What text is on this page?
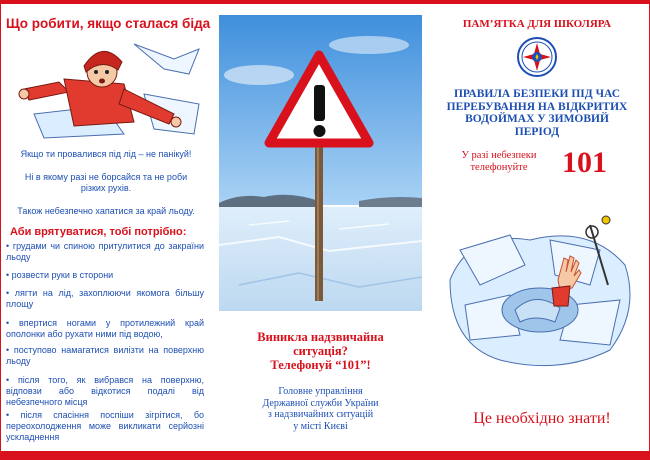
Що робити, якщо сталася біда
Якщо ти провалився під лід – не панікуй!
Ні в якому разі не борсайся та не роби різких рухів.
Також небезпечно хапатися за край льоду.
Аби врятуватися, тобі потрібно:
• грудами чи спиною притулитися до закраїни льоду
• розвести руки в сторони
• лягти на лід, захоплюючи якомога більшу площу
• впертися ногами у протилежний край ополонки або рухати ними під водою,
• поступово намагатися вилізти на поверхню льоду
• після того, як вибрався на поверхню, відповзи або відкотися подалі від небезпечного місця
• після спасіння поспіши зігрітися, бо переохолодження може викликати серйозні ускладнення
Виникла надзвичайна
ситуація?
Телефонуй “101”!
Головне управління
Державної служби України
з надзвичайних ситуацій
у місті Києві
ПАМ’ЯТКА ДЛЯ ШКОЛЯРА
ПРАВИЛА БЕЗПЕКИ ПІД ЧАС
ПЕРЕБУВАННЯ НА ВІДКРИТИХ
ВОДОЙМАХ У ЗИМОВИЙ
ПЕРІОД
У разі небезпеки
телефонуйте	101
Це необхідно знати!
